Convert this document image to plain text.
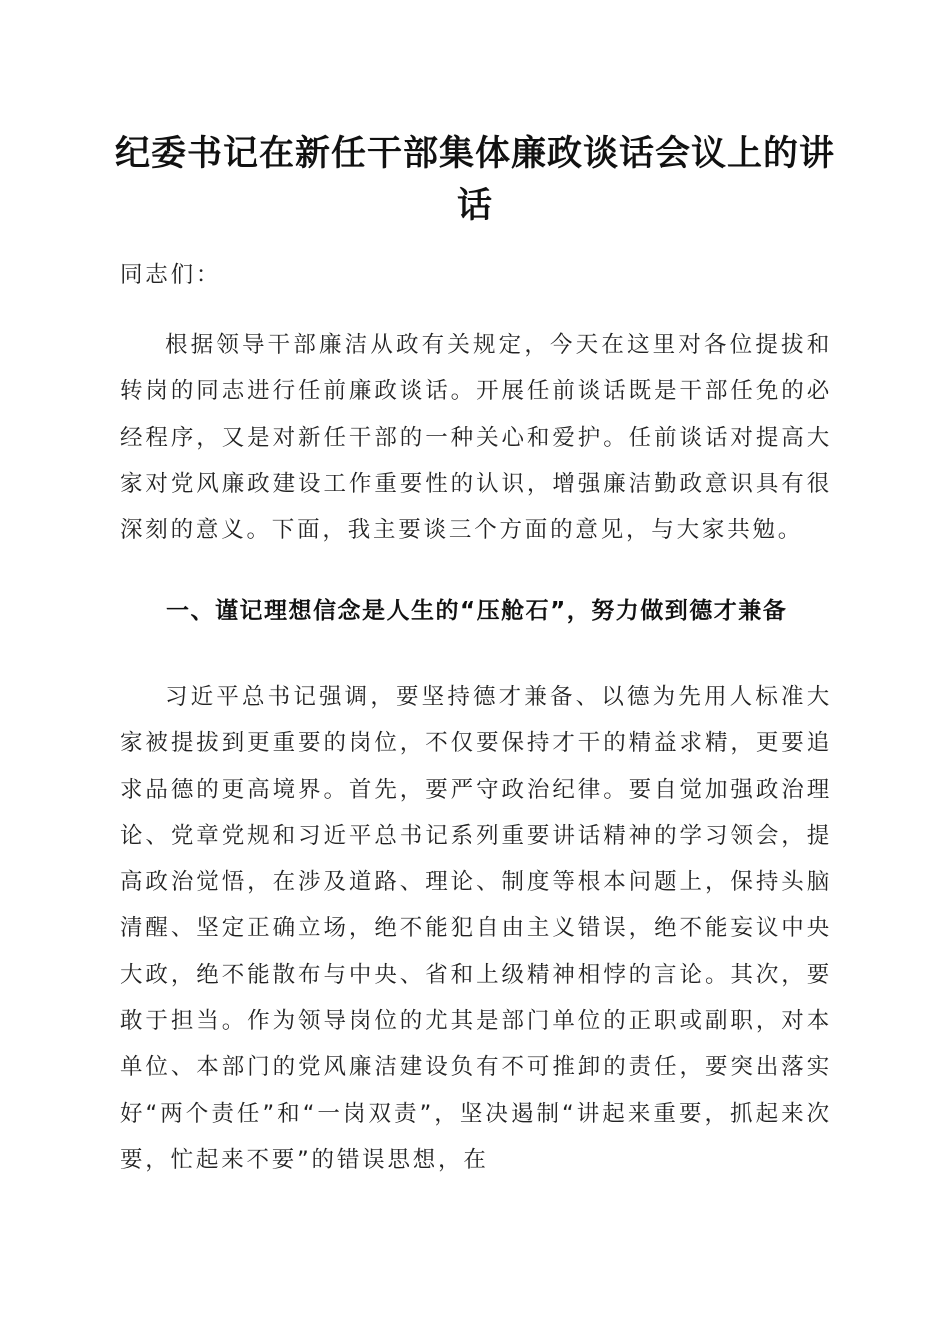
纪委书记在新任干部集体廉政谈话会议上的讲话

同志们：

根据领导干部廉洁从政有关规定，今天在这里对各位提拔和转岗的同志进行任前廉政谈话。开展任前谈话既是干部任免的必经程序，又是对新任干部的一种关心和爱护。任前谈话对提高大家对党风廉政建设工作重要性的认识，增强廉洁勤政意识具有很深刻的意义。下面，我主要谈三个方面的意见，与大家共勉。

一、谨记理想信念是人生的“压舱石”，努力做到德才兼备

习近平总书记强调，要坚持德才兼备、以德为先用人标准大家被提拔到更重要的岗位，不仅要保持才干的精益求精，更要追求品德的更高境界。首先，要严守政治纪律。要自觉加强政治理论、党章党规和习近平总书记系列重要讲话精神的学习领会，提高政治觉悟，在涉及道路、理论、制度等根本问题上，保持头脑清醒、坚定正确立场，绝不能犯自由主义错误，绝不能妄议中央大政，绝不能散布与中央、省和上级精神相悖的言论。其次，要敢于担当。作为领导岗位的尤其是部门单位的正职或副职，对本单位、本部门的党风廉洁建设负有不可推卸的责任，要突出落实好“两个责任”和“一岗双责”，坚决遏制“讲起来重要，抓起来次要，忙起来不要”的错误思想，在
